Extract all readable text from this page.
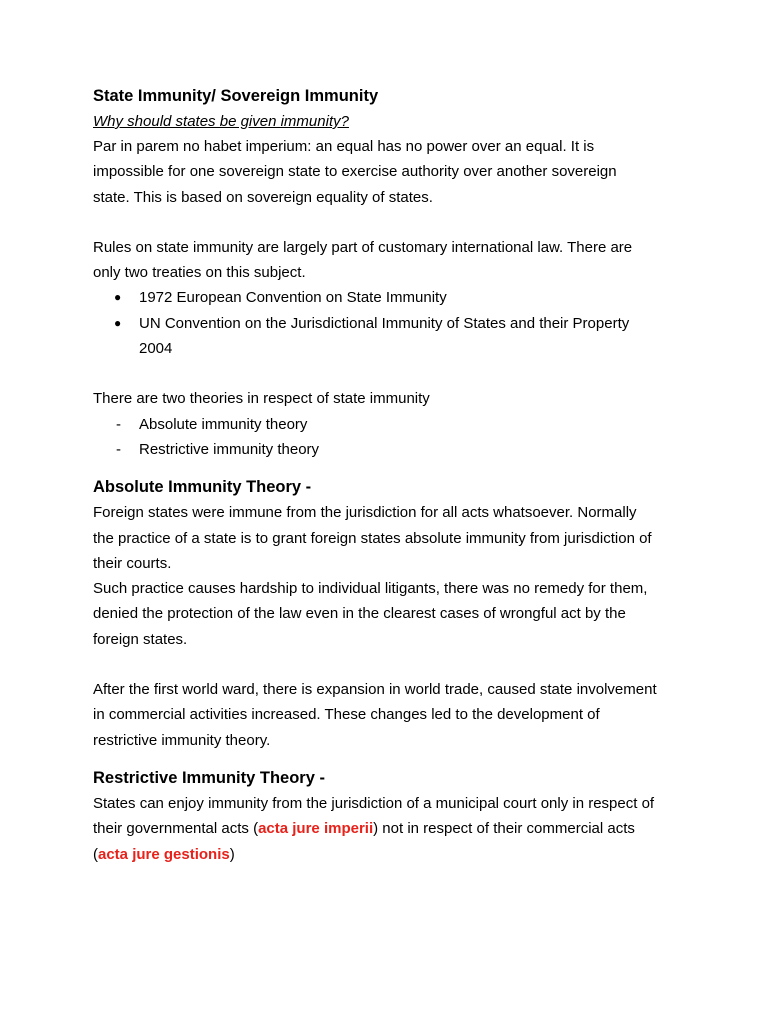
State Immunity/ Sovereign Immunity
Why should states be given immunity?

Par in parem no habet imperium: an equal has no power over an equal. It is

impossible for one sovereign state to exercise authority over another sovereign

state. This is based on sovereign equality of states.

Rules on state immunity are largely part of customary international law. There are

only two treaties on this subject.

● 1972 European Convention on State Immunity
● UN Convention on the Jurisdictional Immunity of States and their Property
2004

There are two theories in respect of state immunity

- Absolute immunity theory
- Restrictive immunity theory
Absolute Immunity Theory -

Foreign states were immune from the jurisdiction for all acts whatsoever. Normally

the practice of a state is to grant foreign states absolute immunity from jurisdiction of

their courts.

Such practice causes hardship to individual litigants, there was no remedy for them,

denied the protection of the law even in the clearest cases of wrongful act by the

foreign states.

After the first world ward, there is expansion in world trade, caused state involvement

in commercial activities increased. These changes led to the development of

restrictive immunity theory.

Restrictive Immunity Theory -

States can enjoy immunity from the jurisdiction of a municipal court only in respect of

their governmental acts (acta jure imperii) not in respect of their commercial acts

(acta jure gestionis)
